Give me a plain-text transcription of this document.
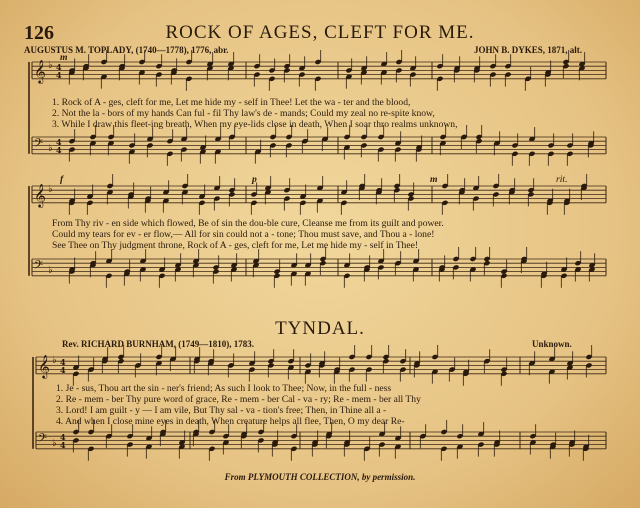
126	ROCK OF AGES, CLEFT FOR ME.
AUGUSTUS M. TOPLADY, (1740—1778), 1776, abr.	JOHN B. DYKES, 1871, alt.
𝄞 ♭ 4
4
𝄢 ♭
4
4
𝄞 ♭
𝄢 ♭
𝄞 ♭ 4
4
𝄢 ♭
4
4
1. Rock of A - ges, cleft for me, Let me hide my - self in Thee! Let the wa - ter and the blood,
2. Not the la - bors of my hands Can ful - fil Thy law's de - mands; Could my zeal no re-spite know,
3. While I draw this fleet-ing breath, When my eye-lids close in death, When I soar thro realms unknown,
From Thy riv - en side which flowed, Be of sin the dou-ble cure, Cleanse me from its guilt and power.
Could my tears for ev - er flow,— All for sin could not a - tone; Thou must save, and Thou a - lone!
See Thee on Thy judgment throne, Rock of A - ges, cleft for me, Let me hide my - self in Thee!
m
f	p	m	rit.
TYNDAL.
Rev. RICHARD BURNHAM, (1749—1810), 1783.	Unknown.
1. Je - sus, Thou art the sin - ner's friend; As such I look to Thee; Now, in the full - ness
2. Re - mem - ber Thy pure word of grace, Re - mem - ber Cal - va - ry; Re - mem - ber all Thy
3. Lord! I am guilt - y — I am vile, But Thy sal - va - tion's free; Then, in Thine all a -
4. And when I close mine eyes in death, When creature helps all flee, Then, O my dear Re-
From PLYMOUTH COLLECTION, by permission.
